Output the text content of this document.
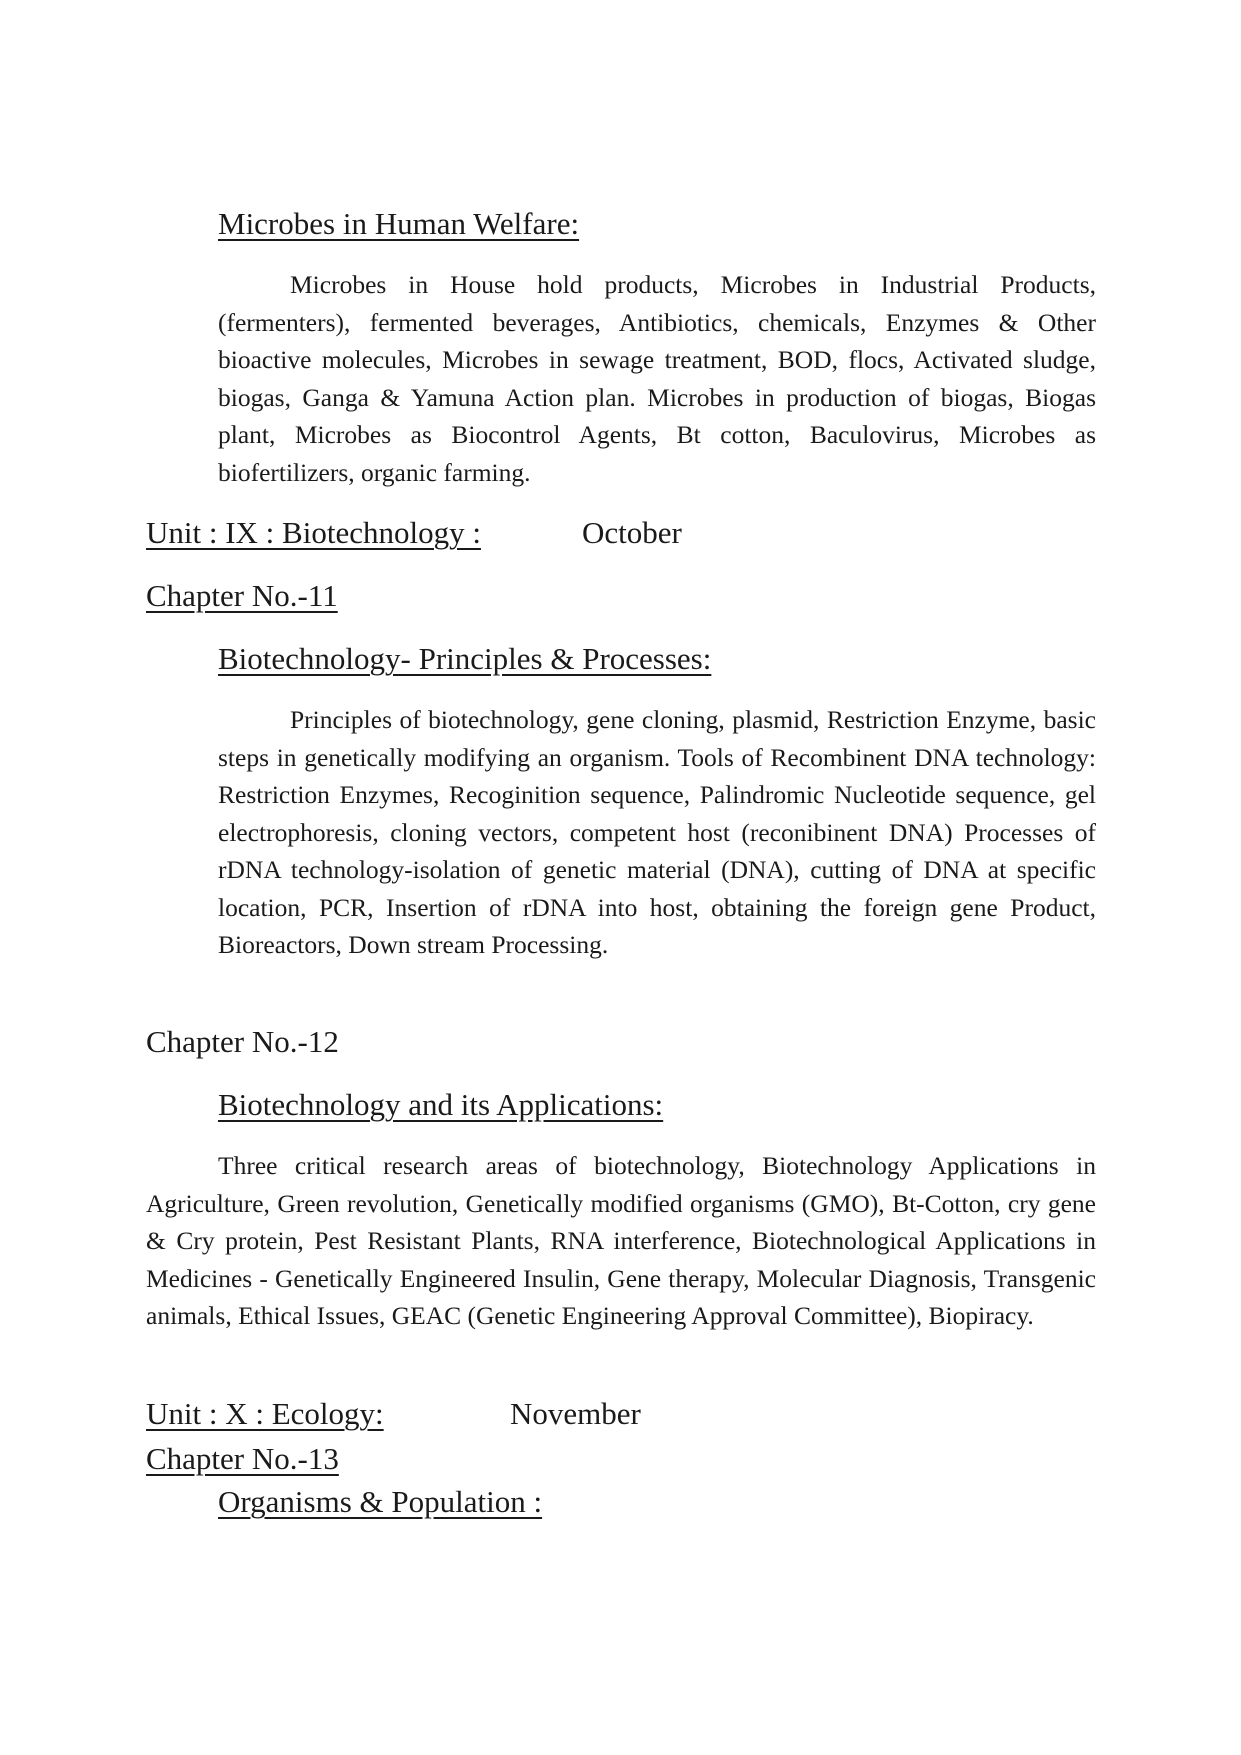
Microbes in Human Welfare:

Microbes in House hold products, Microbes in Industrial Products, (fermenters), fermented beverages, Antibiotics, chemicals, Enzymes & Other bioactive molecules, Microbes in sewage treatment, BOD, flocs, Activated sludge, biogas, Ganga & Yamuna Action plan. Microbes in production of biogas, Biogas plant, Microbes as Biocontrol Agents, Bt cotton, Baculovirus, Microbes as biofertilizers, organic farming.

Unit : IX : Biotechnology :	October
Chapter No.-11
Biotechnology- Principles & Processes:

Principles of biotechnology, gene cloning, plasmid, Restriction Enzyme, basic steps in genetically modifying an organism. Tools of Recombinent DNA technology: Restriction Enzymes, Recoginition sequence, Palindromic Nucleotide sequence, gel electrophoresis, cloning vectors, competent host (reconibinent DNA) Processes of rDNA technology-isolation of genetic material (DNA), cutting of DNA at specific location, PCR, Insertion of rDNA into host, obtaining the foreign gene Product, Bioreactors, Down stream Processing.

Chapter No.-12
Biotechnology and its Applications:

Three critical research areas of biotechnology, Biotechnology Applications in Agriculture, Green revolution, Genetically modified organisms (GMO), Bt-Cotton, cry gene & Cry protein, Pest Resistant Plants, RNA interference, Biotechnological Applications in Medicines - Genetically Engineered Insulin, Gene therapy, Molecular Diagnosis, Transgenic animals, Ethical Issues, GEAC (Genetic Engineering Approval Committee), Biopiracy.

Unit : X : Ecology:	November
Chapter No.-13
Organisms & Population :
